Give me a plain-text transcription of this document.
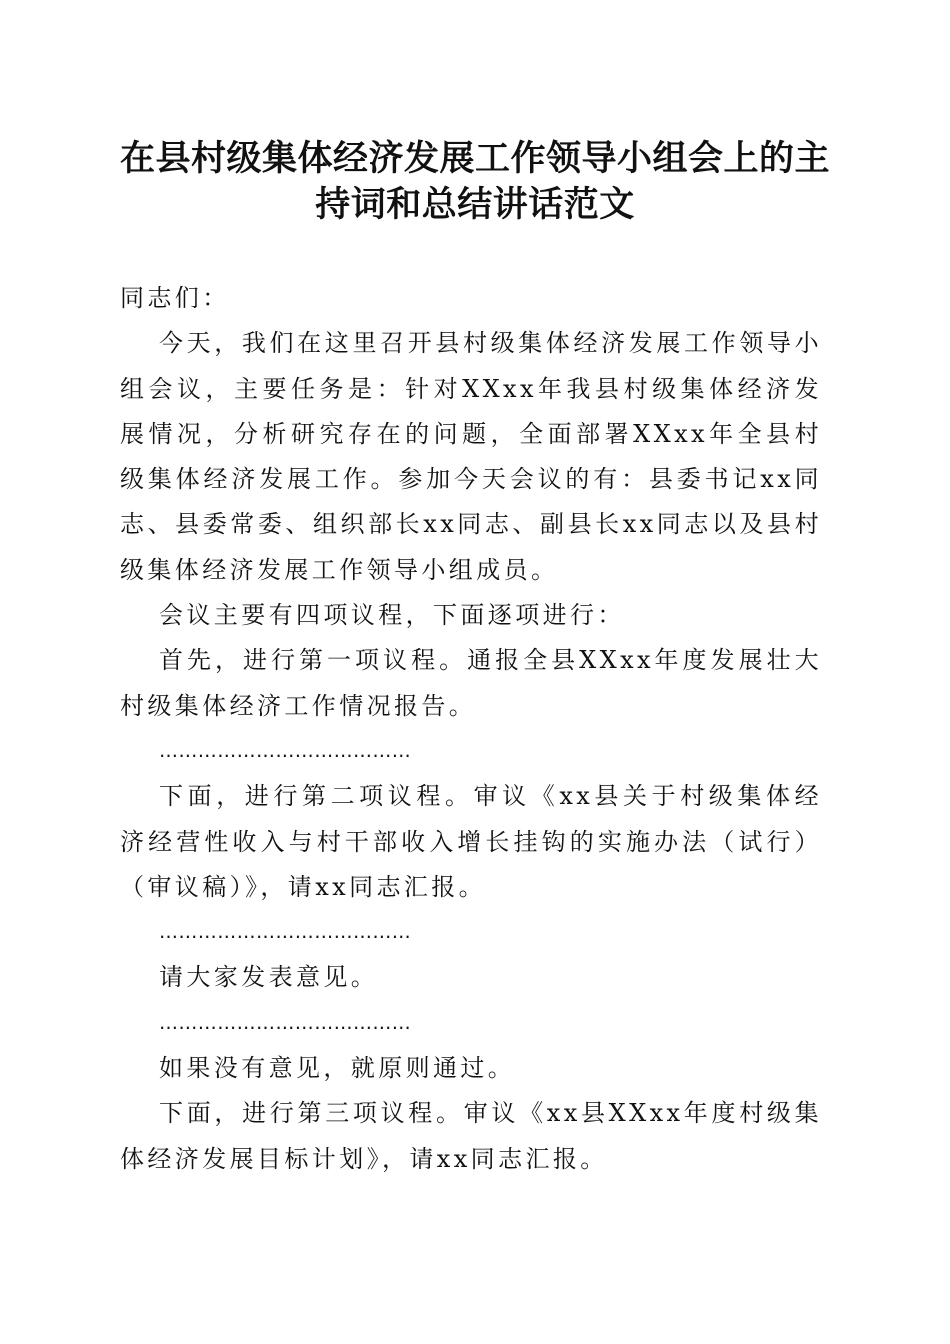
在县村级集体经济发展工作领导小组会上的主持词和总结讲话范文

同志们：

今天，我们在这里召开县村级集体经济发展工作领导小组会议，主要任务是：针对XXxx年我县村级集体经济发展情况，分析研究存在的问题，全面部署XXxx年全县村级集体经济发展工作。参加今天会议的有：县委书记xx同志、县委常委、组织部长xx同志、副县长xx同志以及县村级集体经济发展工作领导小组成员。

会议主要有四项议程，下面逐项进行：

首先，进行第一项议程。通报全县XXxx年度发展壮大村级集体经济工作情况报告。

…………………………………

下面，进行第二项议程。审议《xx县关于村级集体经济经营性收入与村干部收入增长挂钩的实施办法（试行）（审议稿）》，请xx同志汇报。

…………………………………

请大家发表意见。

…………………………………

如果没有意见，就原则通过。

下面，进行第三项议程。审议《xx县XXxx年度村级集体经济发展目标计划》，请xx同志汇报。
